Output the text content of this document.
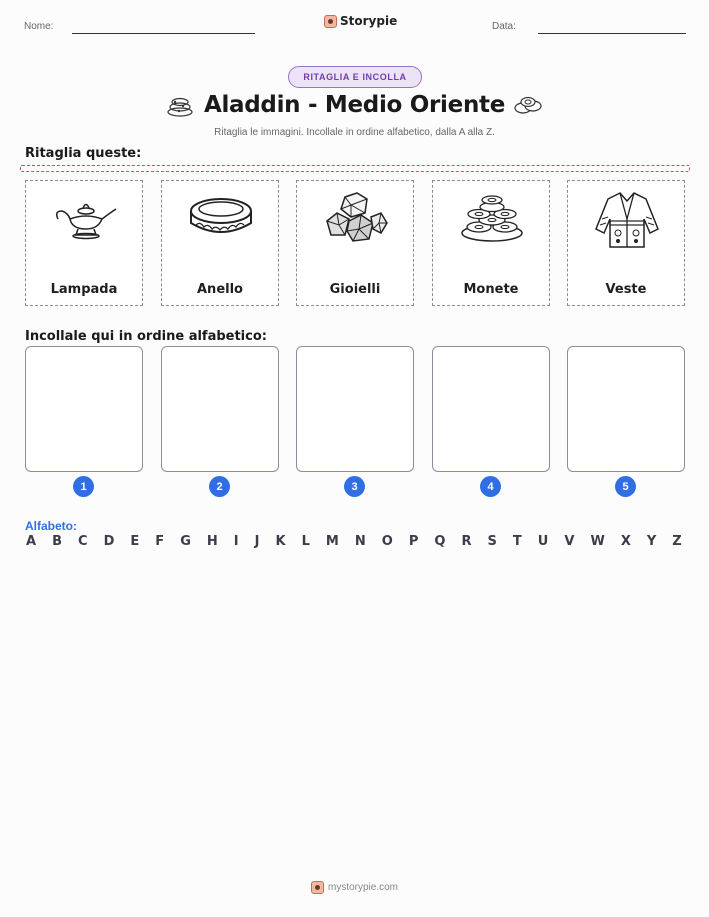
Nome:	Storypie	Data:
RITAGLIA E INCOLLA
Aladdin - Medio Oriente
Ritaglia le immagini. Incollale in ordine alfabetico, dalla A alla Z.
Ritaglia queste:
Lampada	Anello	Gioielli	Monete	Veste
Incollale qui in ordine alfabetico:
1	2	3	4	5
Alfabeto:
A B C D E F G H I J K L M N O P Q R S T U V W X Y Z
mystorypie.com
